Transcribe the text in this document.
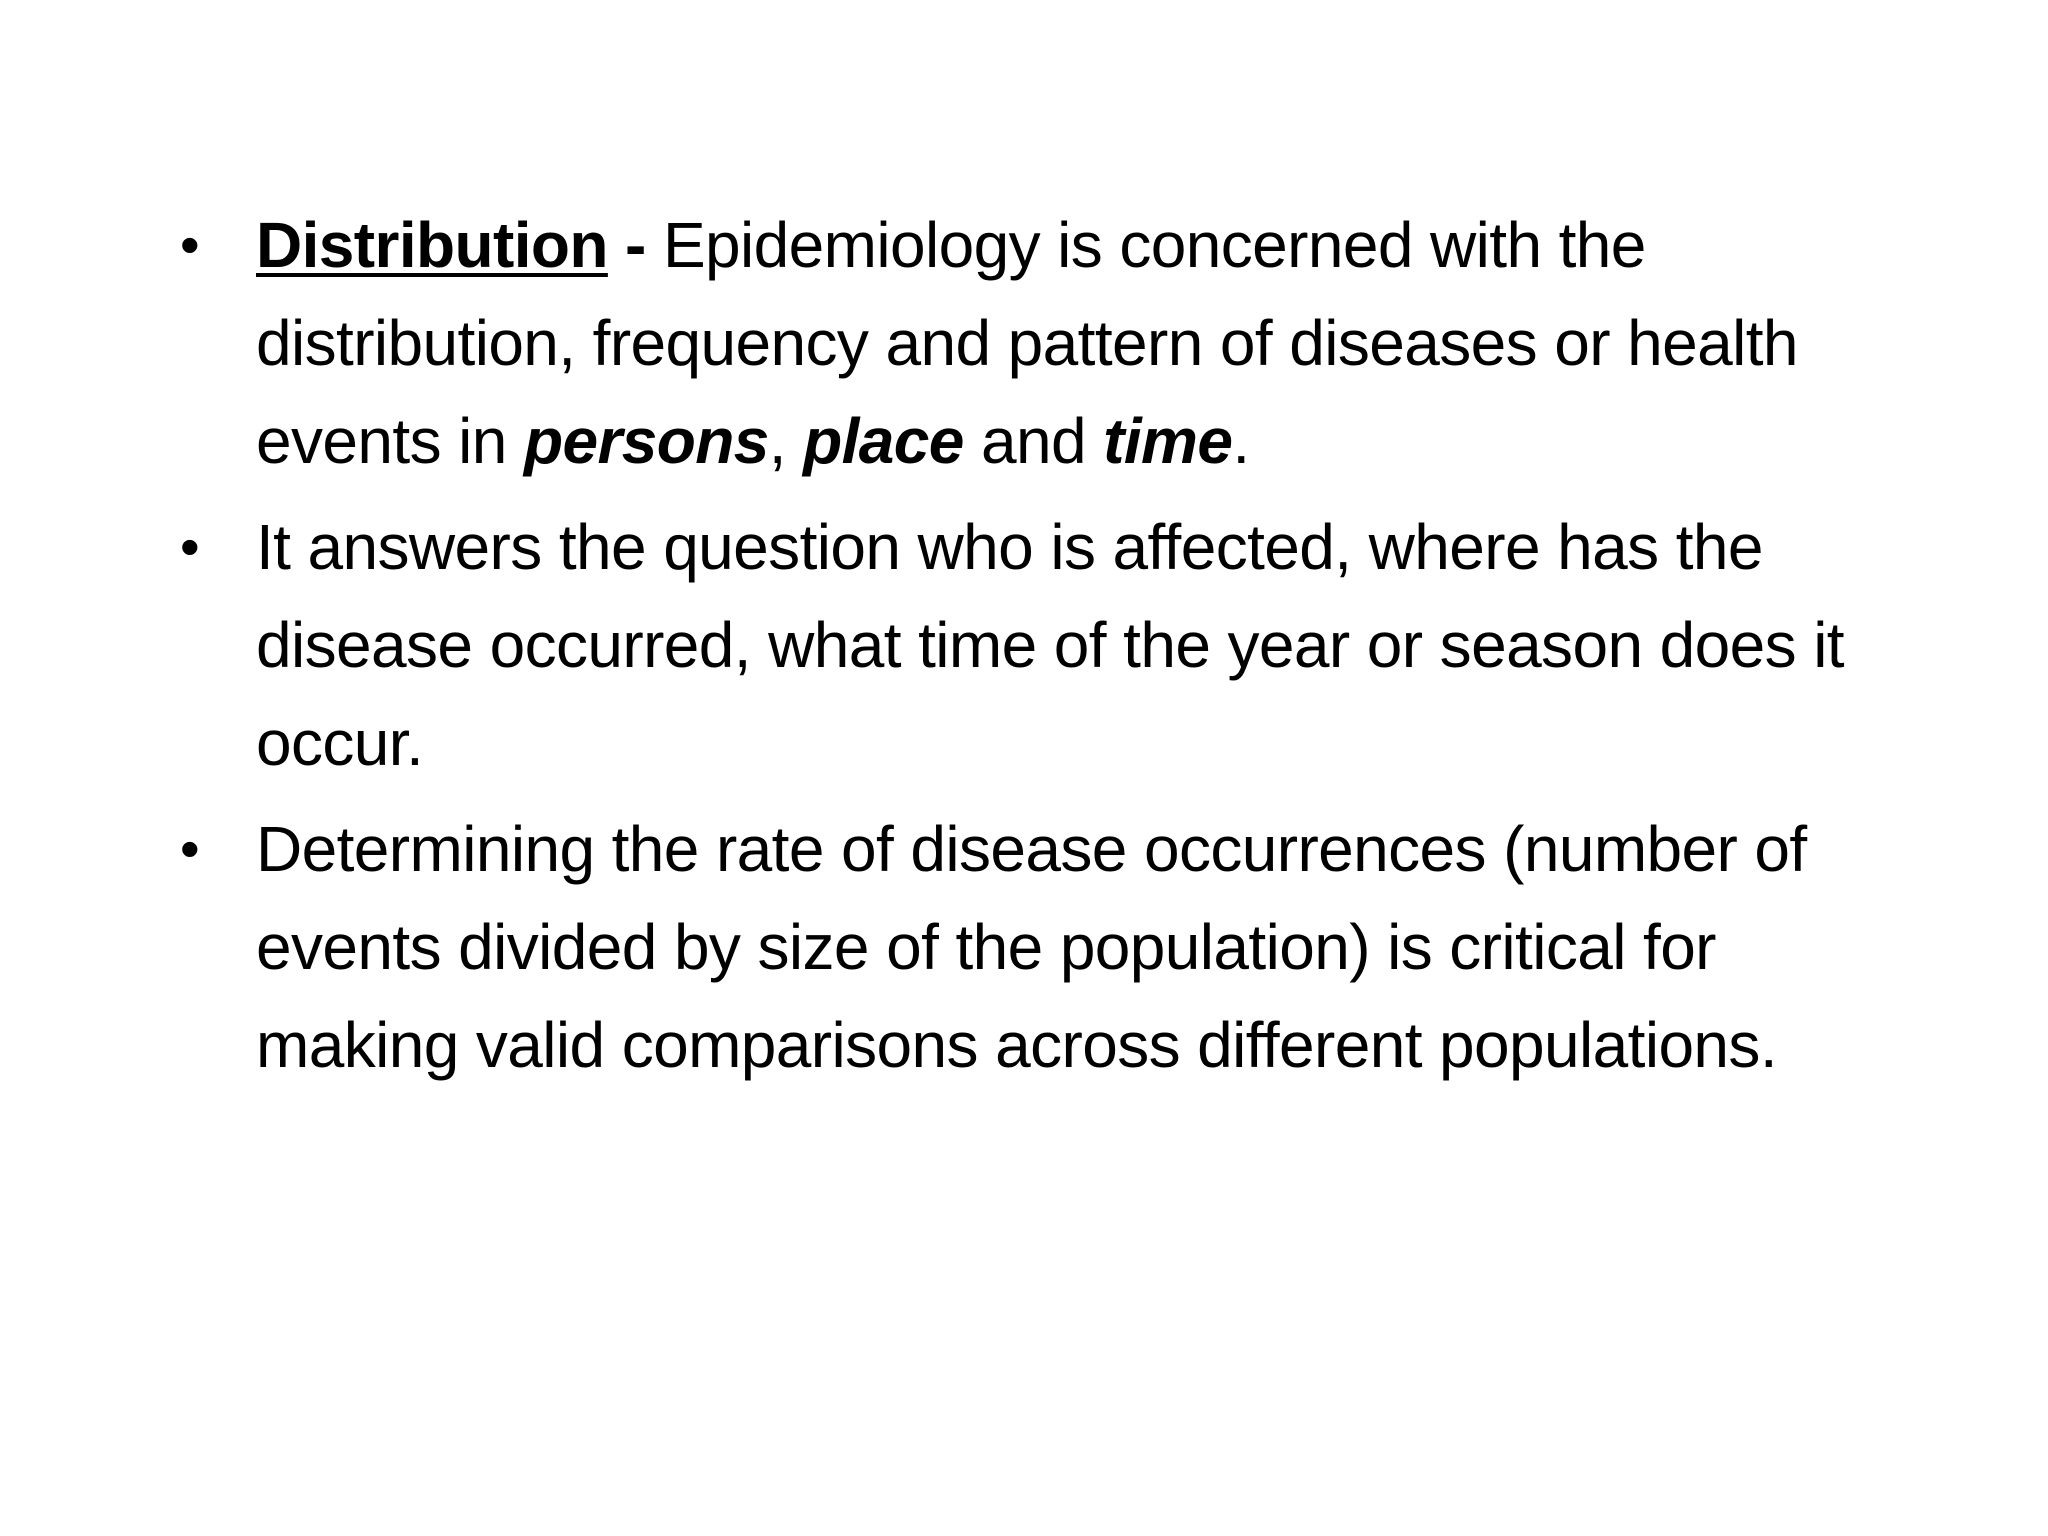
• Distribution - Epidemiology is concerned with the distribution, frequency and pattern of diseases or health events in persons, place and time.
• It answers the question who is affected, where has the disease occurred, what time of the year or season does it occur.
• Determining the rate of disease occurrences (number of events divided by size of the population) is critical for making valid comparisons across different populations.
